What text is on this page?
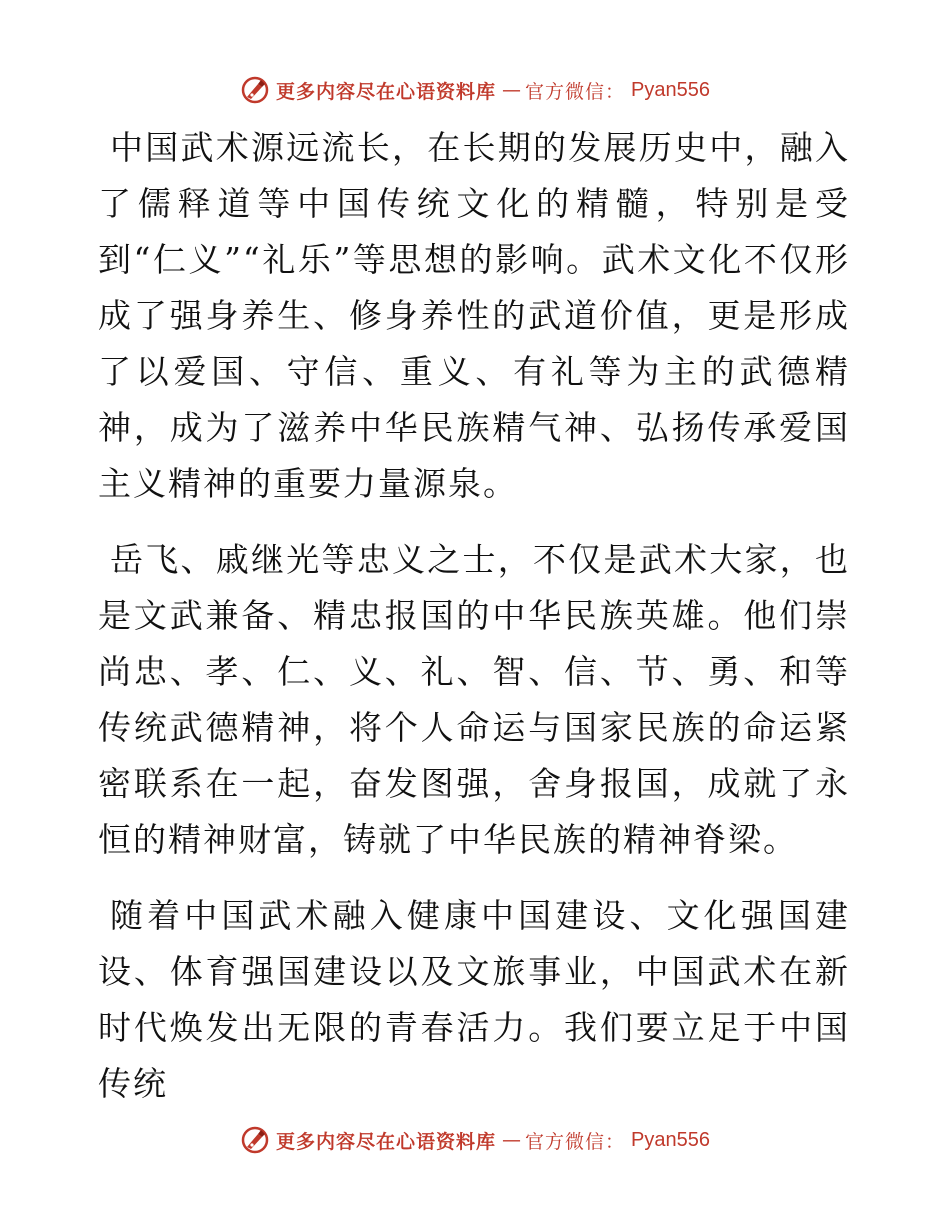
更多内容尽在心语资料库 — 官方微信： Pyan556

中国武术源远流长，在长期的发展历史中，融入了儒释道等中国传统文化的精髓，特别是受到“仁义”“礼乐”等思想的影响。武术文化不仅形成了强身养生、修身养性的武道价值，更是形成了以爱国、守信、重义、有礼等为主的武德精神，成为了滋养中华民族精气神、弘扬传承爱国主义精神的重要力量源泉。

岳飞、戚继光等忠义之士，不仅是武术大家，也是文武兼备、精忠报国的中华民族英雄。他们崇尚忠、孝、仁、义、礼、智、信、节、勇、和等传统武德精神，将个人命运与国家民族的命运紧密联系在一起，奋发图强，舍身报国，成就了永恒的精神财富，铸就了中华民族的精神脊梁。

随着中国武术融入健康中国建设、文化强国建设、体育强国建设以及文旅事业，中国武术在新时代焕发出无限的青春活力。我们要立足于中国传统

更多内容尽在心语资料库 — 官方微信： Pyan556
